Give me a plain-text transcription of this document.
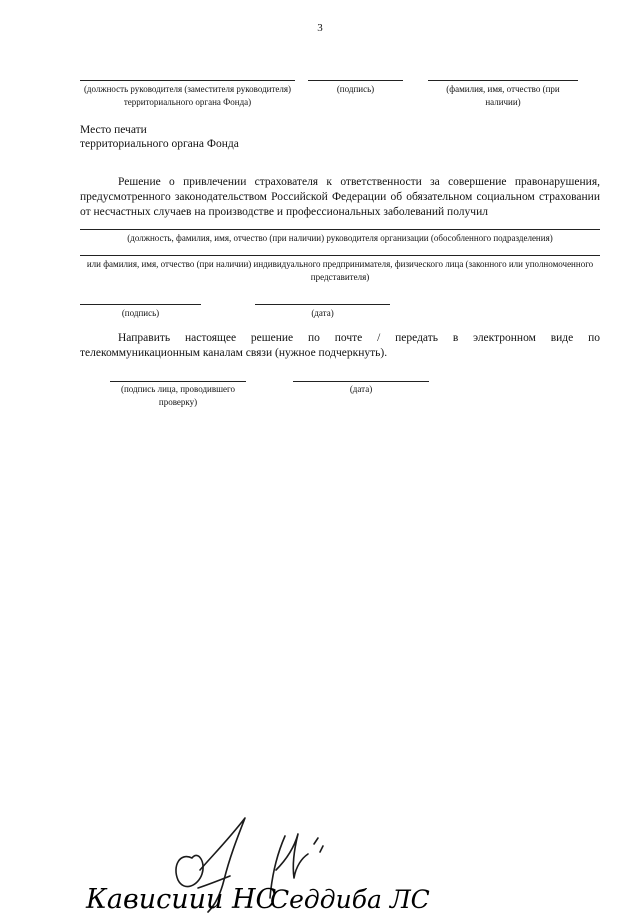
3
(должность руководителя (заместителя руководителя) территориального органа Фонда)
(подпись)	(фамилия, имя, отчество (при наличии)
Место печати
территориального органа Фонда
Решение о привлечении страхователя к ответственности за совершение правонарушения, предусмотренного законодательством Российской Федерации об обязательном социальном страховании от несчастных случаев на производстве и профессиональных заболеваний получил
(должность, фамилия, имя, отчество (при наличии) руководителя организации (обособленного подразделения)
или фамилия, имя, отчество (при наличии) индивидуального предпринимателя, физического лица (законного или уполномоченного представителя)
(подпись)	(дата)
Направить настоящее решение по почте / передать в электронном виде по телекоммуникационным каналам связи (нужное подчеркнуть).
(подпись лица, проводившего проверку)
(дата)
Кависиии НС
Седдиба ЛС
